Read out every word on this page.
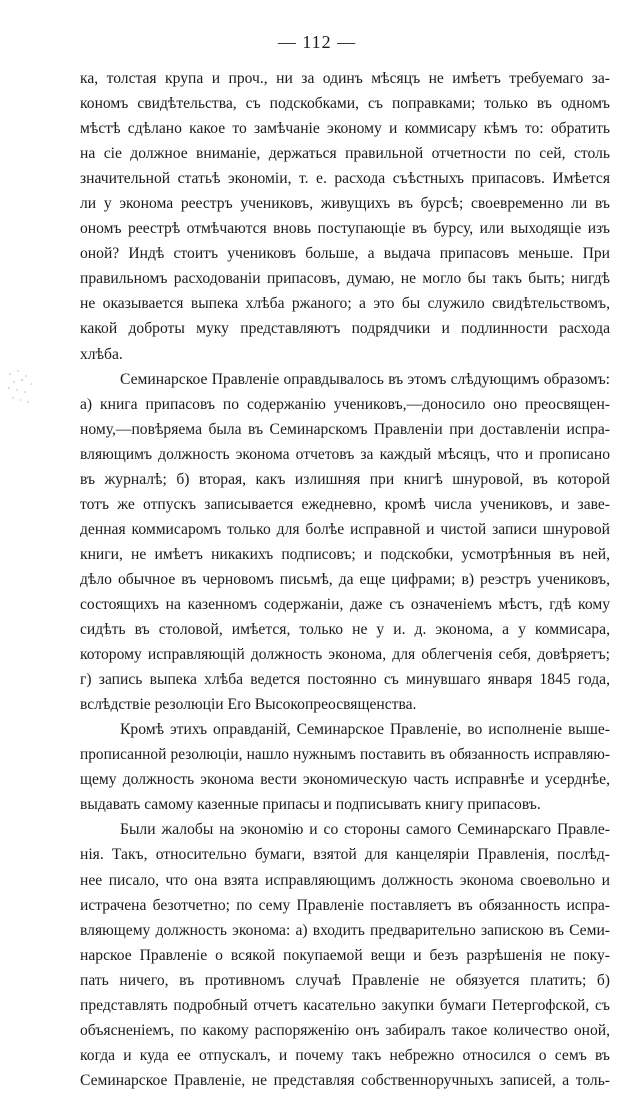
— 112 —
ка, толстая крупа и проч., ни за одинъ мѣсяцъ не имѣетъ требуемаго за-
кономъ свидѣтельства, съ подскобками, съ поправками; только въ одномъ
мѣстѣ сдѣлано какое то замѣчаніе эконому и коммисару кѣмъ то: обратить
на сіе должное вниманіе, держаться правильной отчетности по сей, столь
значительной статьѣ экономіи, т. е. расхода съѣстныхъ припасовъ. Имѣется
ли у эконома реестръ учениковъ, живущихъ въ бурсѣ; своевременно ли въ
ономъ реестрѣ отмѣчаются вновь поступающіе въ бурсу, или выходящіе изъ
оной? Индѣ стоитъ учениковъ больше, а выдача припасовъ меньше. При
правильномъ расходованіи припасовъ, думаю, не могло бы такъ быть; нигдѣ
не оказывается выпека хлѣба ржаного; а это бы служило свидѣтельствомъ,
какой доброты муку представляютъ подрядчики и подлинности расхода
хлѣба.
Семинарское Правленіе оправдывалось въ этомъ слѣдующимъ образомъ:
а) книга припасовъ по содержанію учениковъ,—доносило оно преосвящен-
ному,—повѣряема была въ Семинарскомъ Правленіи при доставленіи испра-
вляющимъ должность эконома отчетовъ за каждый мѣсяцъ, что и прописано
въ журналѣ; б) вторая, какъ излишняя при книгѣ шнуровой, въ которой
тотъ же отпускъ записывается ежедневно, кромѣ числа учениковъ, и заве-
денная коммисаромъ только для болѣе исправной и чистой записи шнуровой
книги, не имѣетъ никакихъ подписовъ; и подскобки, усмотрѣнныя въ ней,
дѣло обычное въ черновомъ письмѣ, да еще цифрами; в) реэстръ учениковъ,
состоящихъ на казенномъ содержаніи, даже съ означеніемъ мѣстъ, гдѣ кому
сидѣть въ столовой, имѣется, только не у и. д. эконома, а у коммисара,
которому исправляющій должность эконома, для облегченія себя, довѣряетъ;
г) запись выпека хлѣба ведется постоянно съ минувшаго января 1845 года,
вслѣдствіе резолюціи Его Высокопреосвященства.
Кромѣ этихъ оправданій, Семинарское Правленіе, во исполненіе выше-
прописанной резолюціи, нашло нужнымъ поставить въ обязанность исправляю-
щему должность эконома вести экономическую часть исправнѣе и усерднѣе,
выдавать самому казенные припасы и подписывать книгу припасовъ.
Были жалобы на экономію и со стороны самого Семинарскаго Правле-
нія. Такъ, относительно бумаги, взятой для канцеляріи Правленія, послѣд-
нее писало, что она взята исправляющимъ должность эконома своевольно и
истрачена безотчетно; по сему Правленіе поставляетъ въ обязанность испра-
вляющему должность эконома: а) входить предварительно запискою въ Семи-
нарское Правленіе о всякой покупаемой вещи и безъ разрѣшенія не поку-
пать ничего, въ противномъ случаѣ Правленіе не обязуется платить; б)
представлять подробный отчетъ касательно закупки бумаги Петергофской, съ
объясненіемъ, по какому распоряженію онъ забиралъ такое количество оной,
когда и куда ее отпускалъ, и почему такъ небрежно относился о семъ въ
Семинарское Правленіе, не представляя собственноручныхъ записей, а толь-
